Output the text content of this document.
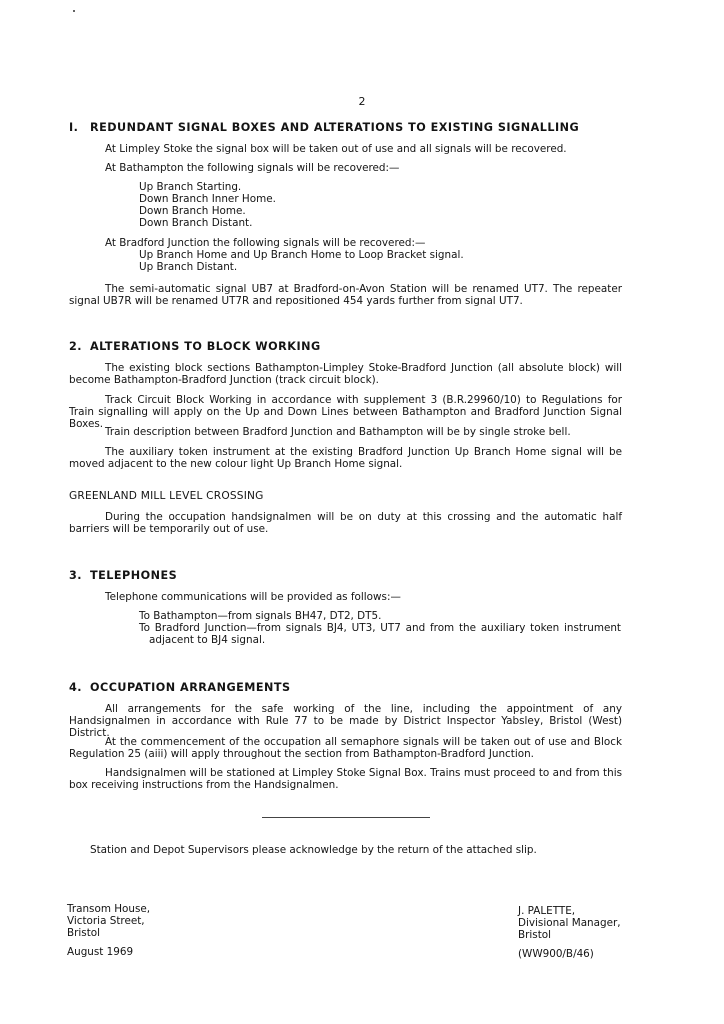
2
I. REDUNDANT SIGNAL BOXES AND ALTERATIONS TO EXISTING SIGNALLING
At Limpley Stoke the signal box will be taken out of use and all signals will be recovered.
At Bathampton the following signals will be recovered:—
Up Branch Starting.
Down Branch Inner Home.
Down Branch Home.
Down Branch Distant.
At Bradford Junction the following signals will be recovered:—
Up Branch Home and Up Branch Home to Loop Bracket signal.
Up Branch Distant.
The semi-automatic signal UB7 at Bradford-on-Avon Station will be renamed UT7. The repeater signal UB7R will be renamed UT7R and repositioned 454 yards further from signal UT7.
2. ALTERATIONS TO BLOCK WORKING
The existing block sections Bathampton-Limpley Stoke-Bradford Junction (all absolute block) will become Bathampton-Bradford Junction (track circuit block).
Track Circuit Block Working in accordance with supplement 3 (B.R.29960/10) to Regulations for Train signalling will apply on the Up and Down Lines between Bathampton and Bradford Junction Signal Boxes.
Train description between Bradford Junction and Bathampton will be by single stroke bell.
The auxiliary token instrument at the existing Bradford Junction Up Branch Home signal will be moved adjacent to the new colour light Up Branch Home signal.
GREENLAND MILL LEVEL CROSSING
During the occupation handsignalmen will be on duty at this crossing and the automatic half barriers will be temporarily out of use.
3. TELEPHONES
Telephone communications will be provided as follows:—
To Bathampton—from signals BH47, DT2, DT5.
To Bradford Junction—from signals BJ4, UT3, UT7 and from the auxiliary token instrument
adjacent to BJ4 signal.
4. OCCUPATION ARRANGEMENTS
All arrangements for the safe working of the line, including the appointment of any Handsignalmen in accordance with Rule 77 to be made by District Inspector Yabsley, Bristol (West) District.
At the commencement of the occupation all semaphore signals will be taken out of use and Block Regulation 25 (aiii) will apply throughout the section from Bathampton-Bradford Junction.
Handsignalmen will be stationed at Limpley Stoke Signal Box. Trains must proceed to and from this box receiving instructions from the Handsignalmen.
Station and Depot Supervisors please acknowledge by the return of the attached slip.
Transom House,
Victoria Street,
Bristol
August 1969
J. PALETTE,
Divisional Manager,
Bristol
(WW900/B/46)
